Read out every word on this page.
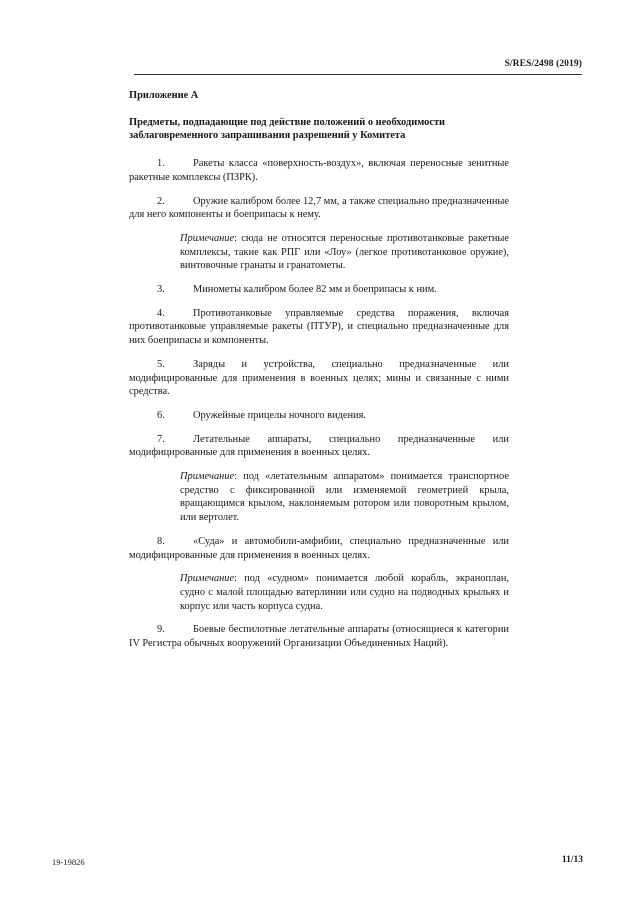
S/RES/2498 (2019)

Приложение А

Предметы, подпадающие под действие положений о необходимости заблаговременного запрашивания разрешений у Комитета

1.	Ракеты класса «поверхность-воздух», включая переносные зенитные ракетные комплексы (ПЗРК).

2.	Оружие калибром более 12,7 мм, а также специально предназначенные для него компоненты и боеприпасы к нему.

Примечание: сюда не относятся переносные противотанковые ракетные комплексы, такие как РПГ или «Лоу» (легкое противотанковое оружие), винтовочные гранаты и гранатометы.

3.	Минометы калибром более 82 мм и боеприпасы к ним.

4.	Противотанковые управляемые средства поражения, включая противотанковые управляемые ракеты (ПТУР), и специально предназначенные для них боеприпасы и компоненты.

5.	Заряды и устройства, специально предназначенные или модифицированные для применения в военных целях; мины и связанные с ними средства.

6.	Оружейные прицелы ночного видения.

7.	Летательные аппараты, специально предназначенные или модифицированные для применения в военных целях.

Примечание: под «летательным аппаратом» понимается транспортное средство с фиксированной или изменяемой геометрией крыла, вращающимся крылом, наклоняемым ротором или поворотным крылом, или вертолет.

8.	«Суда» и автомобили-амфибии, специально предназначенные или модифицированные для применения в военных целях.

Примечание: под «судном» понимается любой корабль, экраноплан, судно с малой площадью ватерлинии или судно на подводных крыльях и корпус или часть корпуса судна.

9.	Боевые беспилотные летательные аппараты (относящиеся к категории IV Регистра обычных вооружений Организации Объединенных Наций).

19-19826	11/13
